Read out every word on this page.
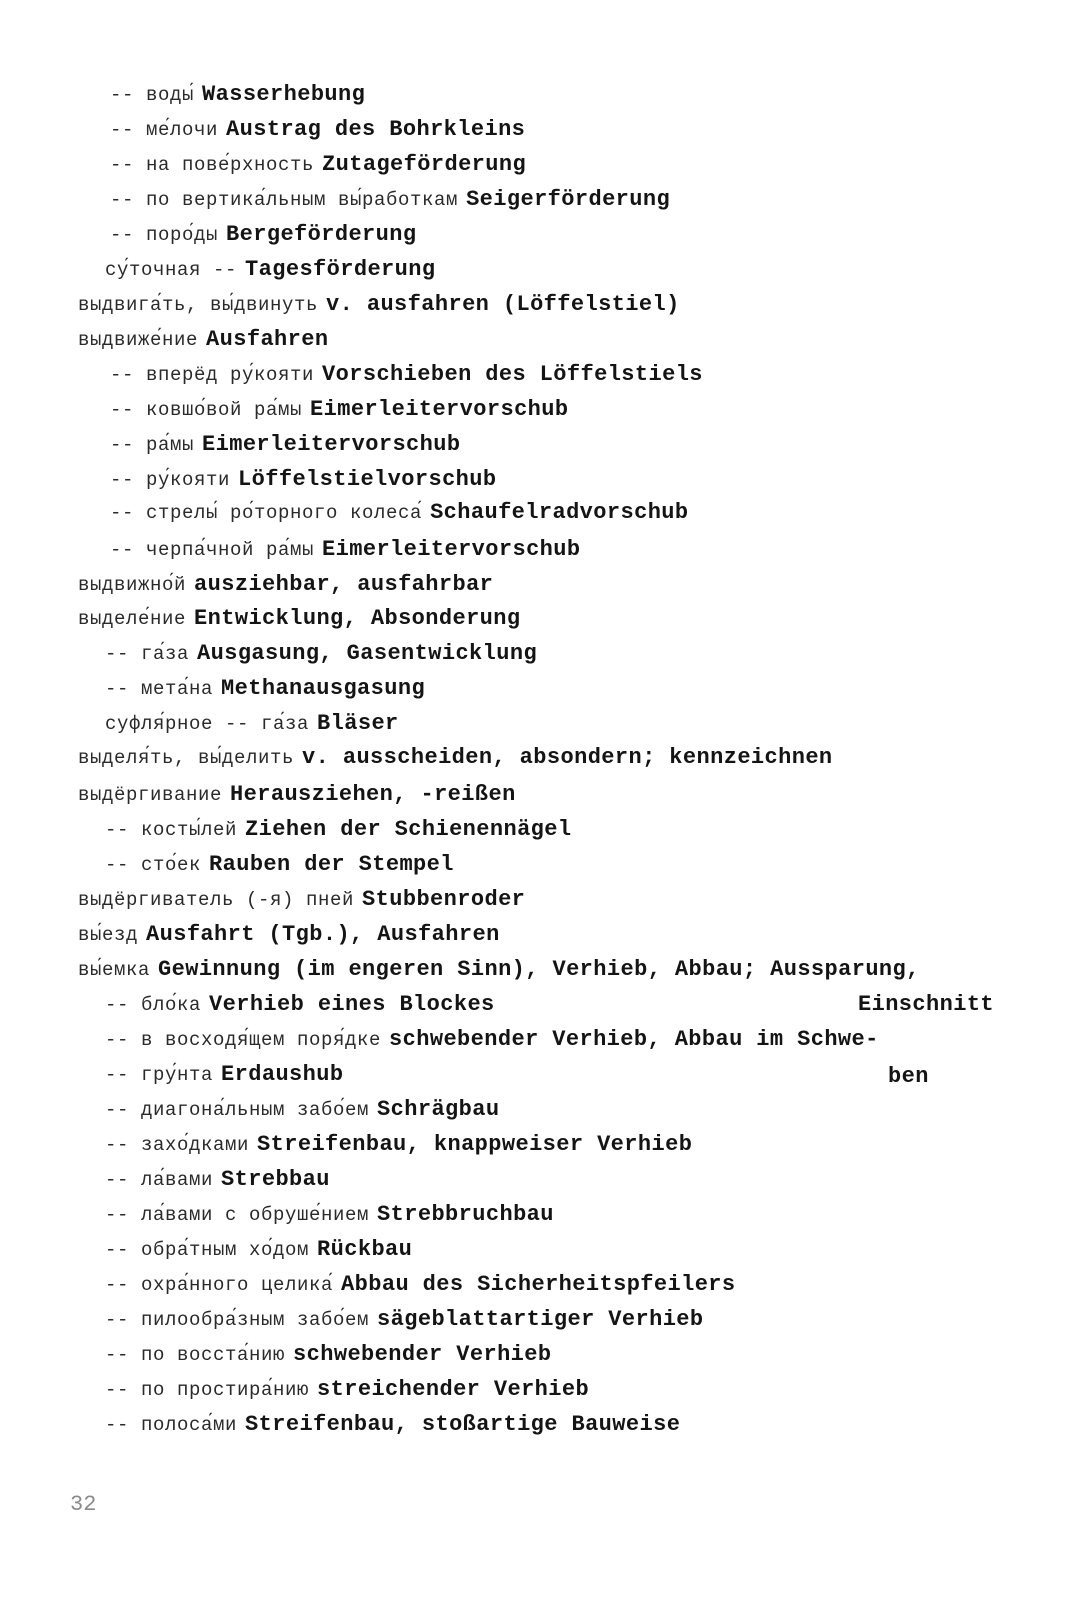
-- воды́ Wasserhebung
-- ме́лочи Austrag des Bohrkleins
-- на пове́рхность Zutageförderung
-- по вертика́льным вы́работкам Seigerförderung
-- поро́ды Bergeförderung
су́точная -- Tagesförderung
выдвига́ть, вы́двинуть v. ausfahren (Löffelstiel)
выдвиже́ние Ausfahren
-- вперёд ру́кояти Vorschieben des Löffelstiels
-- ковшо́вой ра́мы Eimerleitervorschub
-- ра́мы Eimerleitervorschub
-- ру́кояти Löffelstielvorschub
-- стрелы́ ро́торного колеса́ Schaufelradvorschub
-- черпа́чной ра́мы Eimerleitervorschub
выдвижно́й ausziehbar, ausfahrbar
выделе́ние Entwicklung, Absonderung
-- га́за Ausgasung, Gasentwicklung
-- мета́на Methanausgasung
суфля́рное -- га́за Bläser
выделя́ть, вы́делить v. ausscheiden, absondern; kennzeichnen
выдёргивание Herausziehen, -reißen
-- косты́лей Ziehen der Schienennägel
-- сто́ек Rauben der Stempel
выдёргиватель (-я) пней Stubbenroder
вы́езд Ausfahrt (Tgb.), Ausfahren
вы́емка Gewinnung (im engeren Sinn), Verhieb, Abbau; Aussparung,
-- бло́ка Verhieb eines Blockes	Einschnitt
-- в восходя́щем поря́дке schwebender Verhieb, Abbau im Schwe-
-- гру́нта Erdaushub	ben
-- диагона́льным забо́ем Schrägbau
-- захо́дками Streifenbau, knappweiser Verhieb
-- ла́вами Strebbau
-- ла́вами с обруше́нием Strebbruchbau
-- обра́тным хо́дом Rückbau
-- охра́нного целика́ Abbau des Sicherheitspfeilers
-- пилообра́зным забо́ем sägeblattartiger Verhieb
-- по восста́нию schwebender Verhieb
-- по простира́нию streichender Verhieb
-- полоса́ми Streifenbau, stoßartige Bauweise
32
